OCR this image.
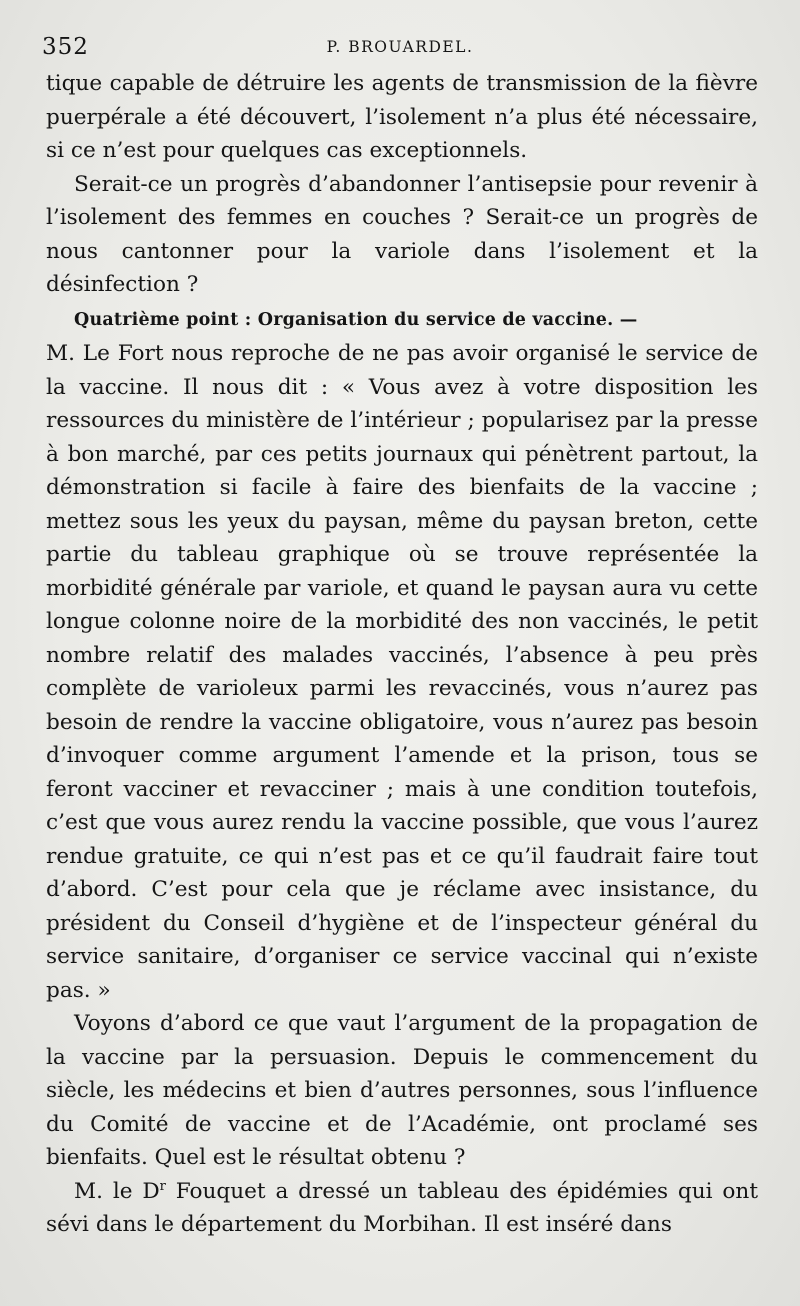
352	P. BROUARDEL.

tique capable de détruire les agents de transmission de la fièvre puerpérale a été découvert, l’isolement n’a plus été nécessaire, si ce n’est pour quelques cas exceptionnels.

Serait-ce un progrès d’abandonner l’antisepsie pour revenir à l’isolement des femmes en couches ? Serait-ce un progrès de nous cantonner pour la variole dans l’isolement et la désinfection ?

Quatrième point : Organisation du service de vaccine. —
M. Le Fort nous reproche de ne pas avoir organisé le service de la vaccine. Il nous dit : « Vous avez à votre disposition les ressources du ministère de l’intérieur ; popularisez par la presse à bon marché, par ces petits journaux qui pénètrent partout, la démonstration si facile à faire des bienfaits de la vaccine ; mettez sous les yeux du paysan, même du paysan breton, cette partie du tableau graphique où se trouve représentée la morbidité générale par variole, et quand le paysan aura vu cette longue colonne noire de la morbidité des non vaccinés, le petit nombre relatif des malades vaccinés, l’absence à peu près complète de varioleux parmi les revaccinés, vous n’aurez pas besoin de rendre la vaccine obligatoire, vous n’aurez pas besoin d’invoquer comme argument l’amende et la prison, tous se feront vacciner et revacciner ; mais à une condition toutefois, c’est que vous aurez rendu la vaccine possible, que vous l’aurez rendue gratuite, ce qui n’est pas et ce qu’il faudrait faire tout d’abord. C’est pour cela que je réclame avec insistance, du président du Conseil d’hygiène et de l’inspecteur général du service sanitaire, d’organiser ce service vaccinal qui n’existe pas. »

Voyons d’abord ce que vaut l’argument de la propagation de la vaccine par la persuasion. Depuis le commencement du siècle, les médecins et bien d’autres personnes, sous l’influence du Comité de vaccine et de l’Académie, ont proclamé ses bienfaits. Quel est le résultat obtenu ?

M. le $D^r$ Fouquet a dressé un tableau des épidémies qui ont sévi dans le département du Morbihan. Il est inséré dans
